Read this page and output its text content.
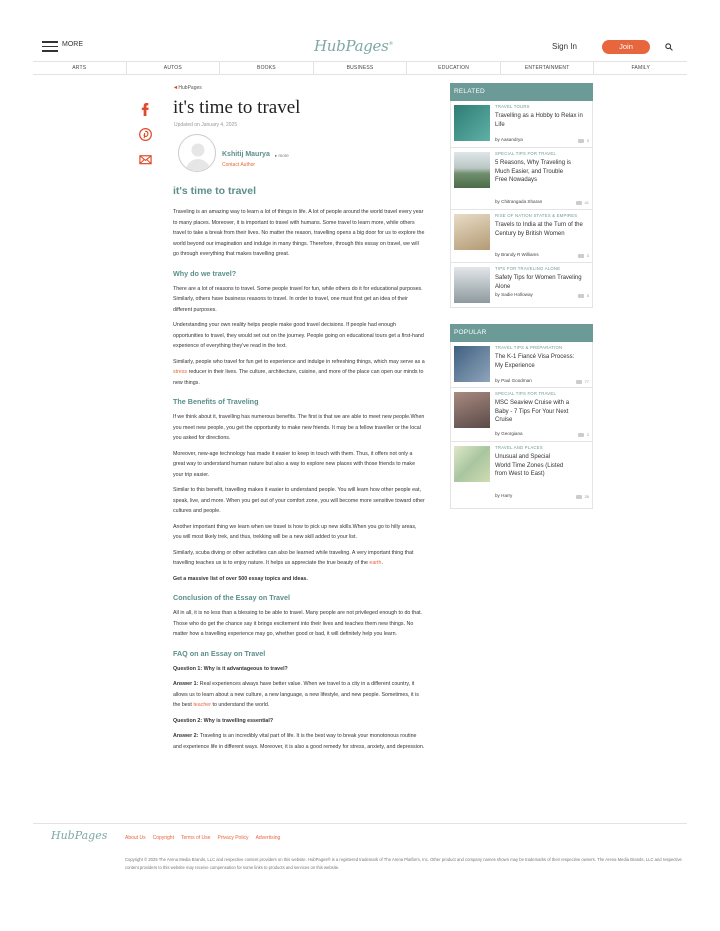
MORE	HubPages®	Sign In	Join
ARTS	AUTOS	BOOKS	BUSINESS	EDUCATION	ENTERTAINMENT	FAMILY
◂ HubPages
it's time to travel
Updated on January 4, 2025
Kshitij Maurya ▸ more
Contact Author
it's time to travel

Traveling is an amazing way to learn a lot of things in life. A lot of people around the world travel every year to many places. Moreover, it is important to travel with humans. Some travel to learn more, while others travel to take a break from their lives. No matter the reason, travelling opens a big door for us to explore the world beyond our imagination and indulge in many things. Therefore, through this essay on travel, we will go through everything that makes travelling great.

Why do we travel?

There are a lot of reasons to travel. Some people travel for fun, while others do it for educational purposes. Similarly, others have business reasons to travel. In order to travel, one must first get an idea of their different purposes.

Understanding your own reality helps people make good travel decisions. If people had enough opportunities to travel, they would set out on the journey. People going on educational tours get a first-hand experience of everything they've read in the text.

Similarly, people who travel for fun get to experience and indulge in refreshing things, which may serve as a stress reducer in their lives. The culture, architecture, cuisine, and more of the place can open our minds to new things.

The Benefits of Traveling

If we think about it, travelling has numerous benefits. The first is that we are able to meet new people.When you meet new people, you get the opportunity to make new friends. It may be a fellow traveller or the local you asked for directions.

Moreover, new-age technology has made it easier to keep in touch with them. Thus, it offers not only a great way to understand human nature but also a way to explore new places with those friends to make your trip easier.

Similar to this benefit, travelling makes it easier to understand people. You will learn how other people eat, speak, live, and more. When you get out of your comfort zone, you will become more sensitive toward other cultures and people.

Another important thing we learn when we travel is how to pick up new skills.When you go to hilly areas, you will most likely trek, and thus, trekking will be a new skill added to your list.

Similarly, scuba diving or other activities can also be learned while traveling. A very important thing that travelling teaches us is to enjoy nature. It helps us appreciate the true beauty of the earth.

Get a massive list of over 500 essay topics and ideas.

Conclusion of the Essay on Travel

All in all, it is no less than a blessing to be able to travel. Many people are not privileged enough to do that. Those who do get the chance say it brings excitement into their lives and teaches them new things. No matter how a travelling experience may go, whether good or bad, it will definitely help you learn.

FAQ on an Essay on Travel

Question 1: Why is it advantageous to travel?

Answer 1: Real experiences always have better value. When we travel to a city in a different country, it allows us to learn about a new culture, a new language, a new lifestyle, and new people. Sometimes, it is the best teacher to understand the world.

Question 2: Why is travelling essential?

Answer 2: Traveling is an incredibly vital part of life. It is the best way to break your monotonous routine and experience life in different ways. Moreover, it is also a good remedy for stress, anxiety, and depression.

RELATED
TRAVEL TOURS
Travelling as a Hobby to Relax in Life
by Aasandrya	0
SPECIAL TIPS FOR TRAVEL
5 Reasons, Why Traveling is Much Easier, and Trouble Free Nowadays
by Chitrangada Sharan	41
RISE OF NATION STATES & EMPIRES
Travels to India at the Turn of the Century by British Women
by Brandy R Williams	3
TIPS FOR TRAVELING ALONE
Safety Tips for Women Traveling Alone
by Sadie Holloway	5
POPULAR
TRAVEL TIPS & PREPARATION
The K-1 Fiancé Visa Process: My Experience
by Paul Goodman	77
SPECIAL TIPS FOR TRAVEL
MSC Seaview Cruise with a Baby - 7 Tips For Your Next Cruise
by Georgiana	2
TRAVEL AND PLACES
Unusual and Special World Time Zones (Listed from West to East)
by Harry	35
HubPages	About Us Copyright Terms of Use Privacy Policy Advertising
Copyright © 2025 The Arena Media Brands, LLC and respective content providers on this website. HubPages® is a registered trademark of The Arena Platform, Inc. Other product and company names shown may be trademarks of their respective owners. The Arena Media Brands, LLC and respective content providers to this website may receive compensation for some links to products and services on this website.
